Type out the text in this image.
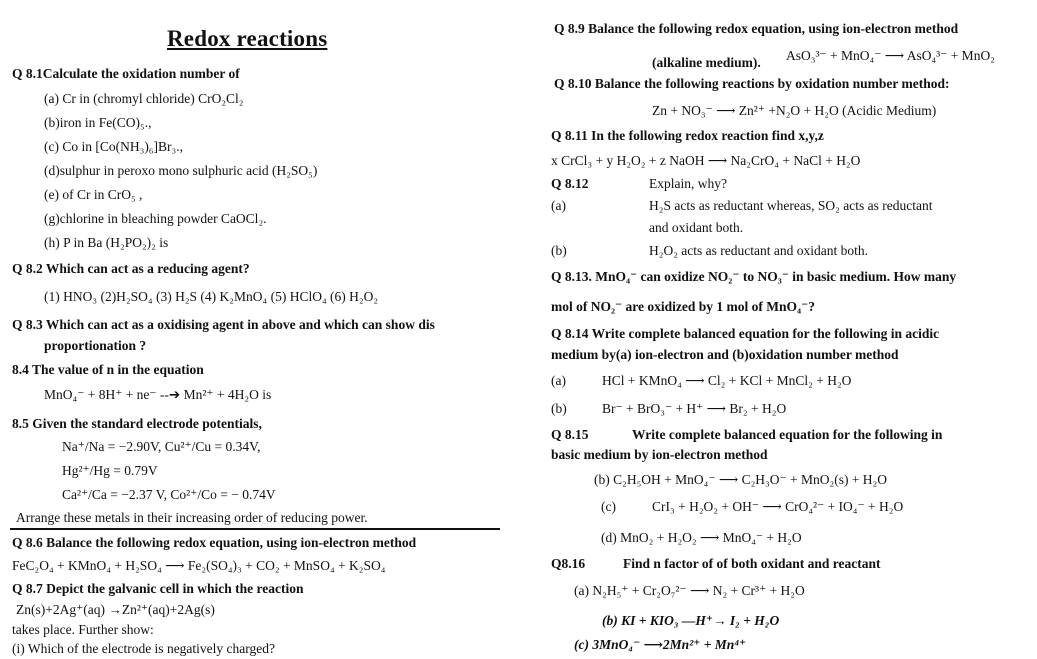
Redox reactions
Q 8.1Calculate the oxidation number of
(a) Cr in (chromyl chloride) CrO₂Cl₂
(b)iron in Fe(CO)₅.,
(c) Co in [Co(NH₃)₆]Br₃.,
(d)sulphur in peroxo mono sulphuric acid (H₂SO₅)
(e) of Cr in CrO₅ ,
(g)chlorine in bleaching powder CaOCl₂.
(h) P in Ba (H₂PO₂)₂ is
Q 8.2 Which can act as a reducing agent?
(1) HNO₃ (2)H₂SO₄ (3) H₂S (4) K₂MnO₄ (5) HClO₄ (6) H₂O₂
Q 8.3 Which can act as a oxidising agent in above and which can show dis
proportionation ?
8.4 The value of n in the equation
MnO₄⁻ + 8H⁺ + ne⁻ --➔ Mn²⁺ + 4H₂O is
8.5 Given the standard electrode potentials,
Na⁺/Na = −2.90V, Cu²⁺/Cu = 0.34V,
Hg²⁺/Hg = 0.79V
Ca²⁺/Ca = −2.37 V, Co²⁺/Co = − 0.74V
Arrange these metals in their increasing order of reducing power.
Q 8.6 Balance the following redox equation, using ion-electron method
FeC₂O₄ + KMnO₄ + H₂SO₄ ⟶ Fe₂(SO₄)₃ + CO₂ + MnSO₄ + K₂SO₄
Q 8.7 Depict the galvanic cell in which the reaction
Zn(s)+2Ag⁺(aq) →Zn²⁺(aq)+2Ag(s)
takes place. Further show:
(i) Which of the electrode is negatively charged?
Q 8.9 Balance the following redox equation, using ion-electron method
(alkaline medium). AsO₃³⁻ + MnO₄⁻ ⟶ AsO₄³⁻ + MnO₂
Q 8.10 Balance the following reactions by oxidation number method:
Zn + NO₃⁻ ⟶ Zn²⁺ +N₂O + H₂O (Acidic Medium)
Q 8.11 In the following redox reaction find x,y,z
x CrCl₃ + y H₂O₂ + z NaOH ⟶ Na₂CrO₄ + NaCl + H₂O
Q 8.12	Explain, why?
(a)	H₂S acts as reductant whereas, SO₂ acts as reductant
and oxidant both.
(b)	H₂O₂ acts as reductant and oxidant both.
Q 8.13. MnO₄⁻ can oxidize NO₂⁻ to NO₃⁻ in basic medium. How many
mol of NO₂⁻ are oxidized by 1 mol of MnO₄⁻?
Q 8.14 Write complete balanced equation for the following in acidic
medium by(a) ion-electron and (b)oxidation number method
(a)	HCl + KMnO₄ ⟶ Cl₂ + KCl + MnCl₂ + H₂O
(b)	Br⁻ + BrO₃⁻ + H⁺ ⟶ Br₂ + H₂O
Q 8.15	Write complete balanced equation for the following in
basic medium by ion-electron method
(b) C₂H₅OH + MnO₄⁻ ⟶ C₂H₃O⁻ + MnO₂(s) + H₂O
(c)	CrI₃ + H₂O₂ + OH⁻ ⟶ CrO₄²⁻ + IO₄⁻ + H₂O
(d) MnO₂ + H₂O₂ ⟶ MnO₄⁻ + H₂O
Q8.16	Find n factor of of both oxidant and reactant
(a) N₂H₅⁺ + Cr₂O₇²⁻ ⟶ N₂ + Cr³⁺ + H₂O
(b) KI + KIO₃ —H⁺→ I₂ + H₂O
(c) 3MnO₄⁻ ⟶2Mn²⁺ + Mn⁴⁺
